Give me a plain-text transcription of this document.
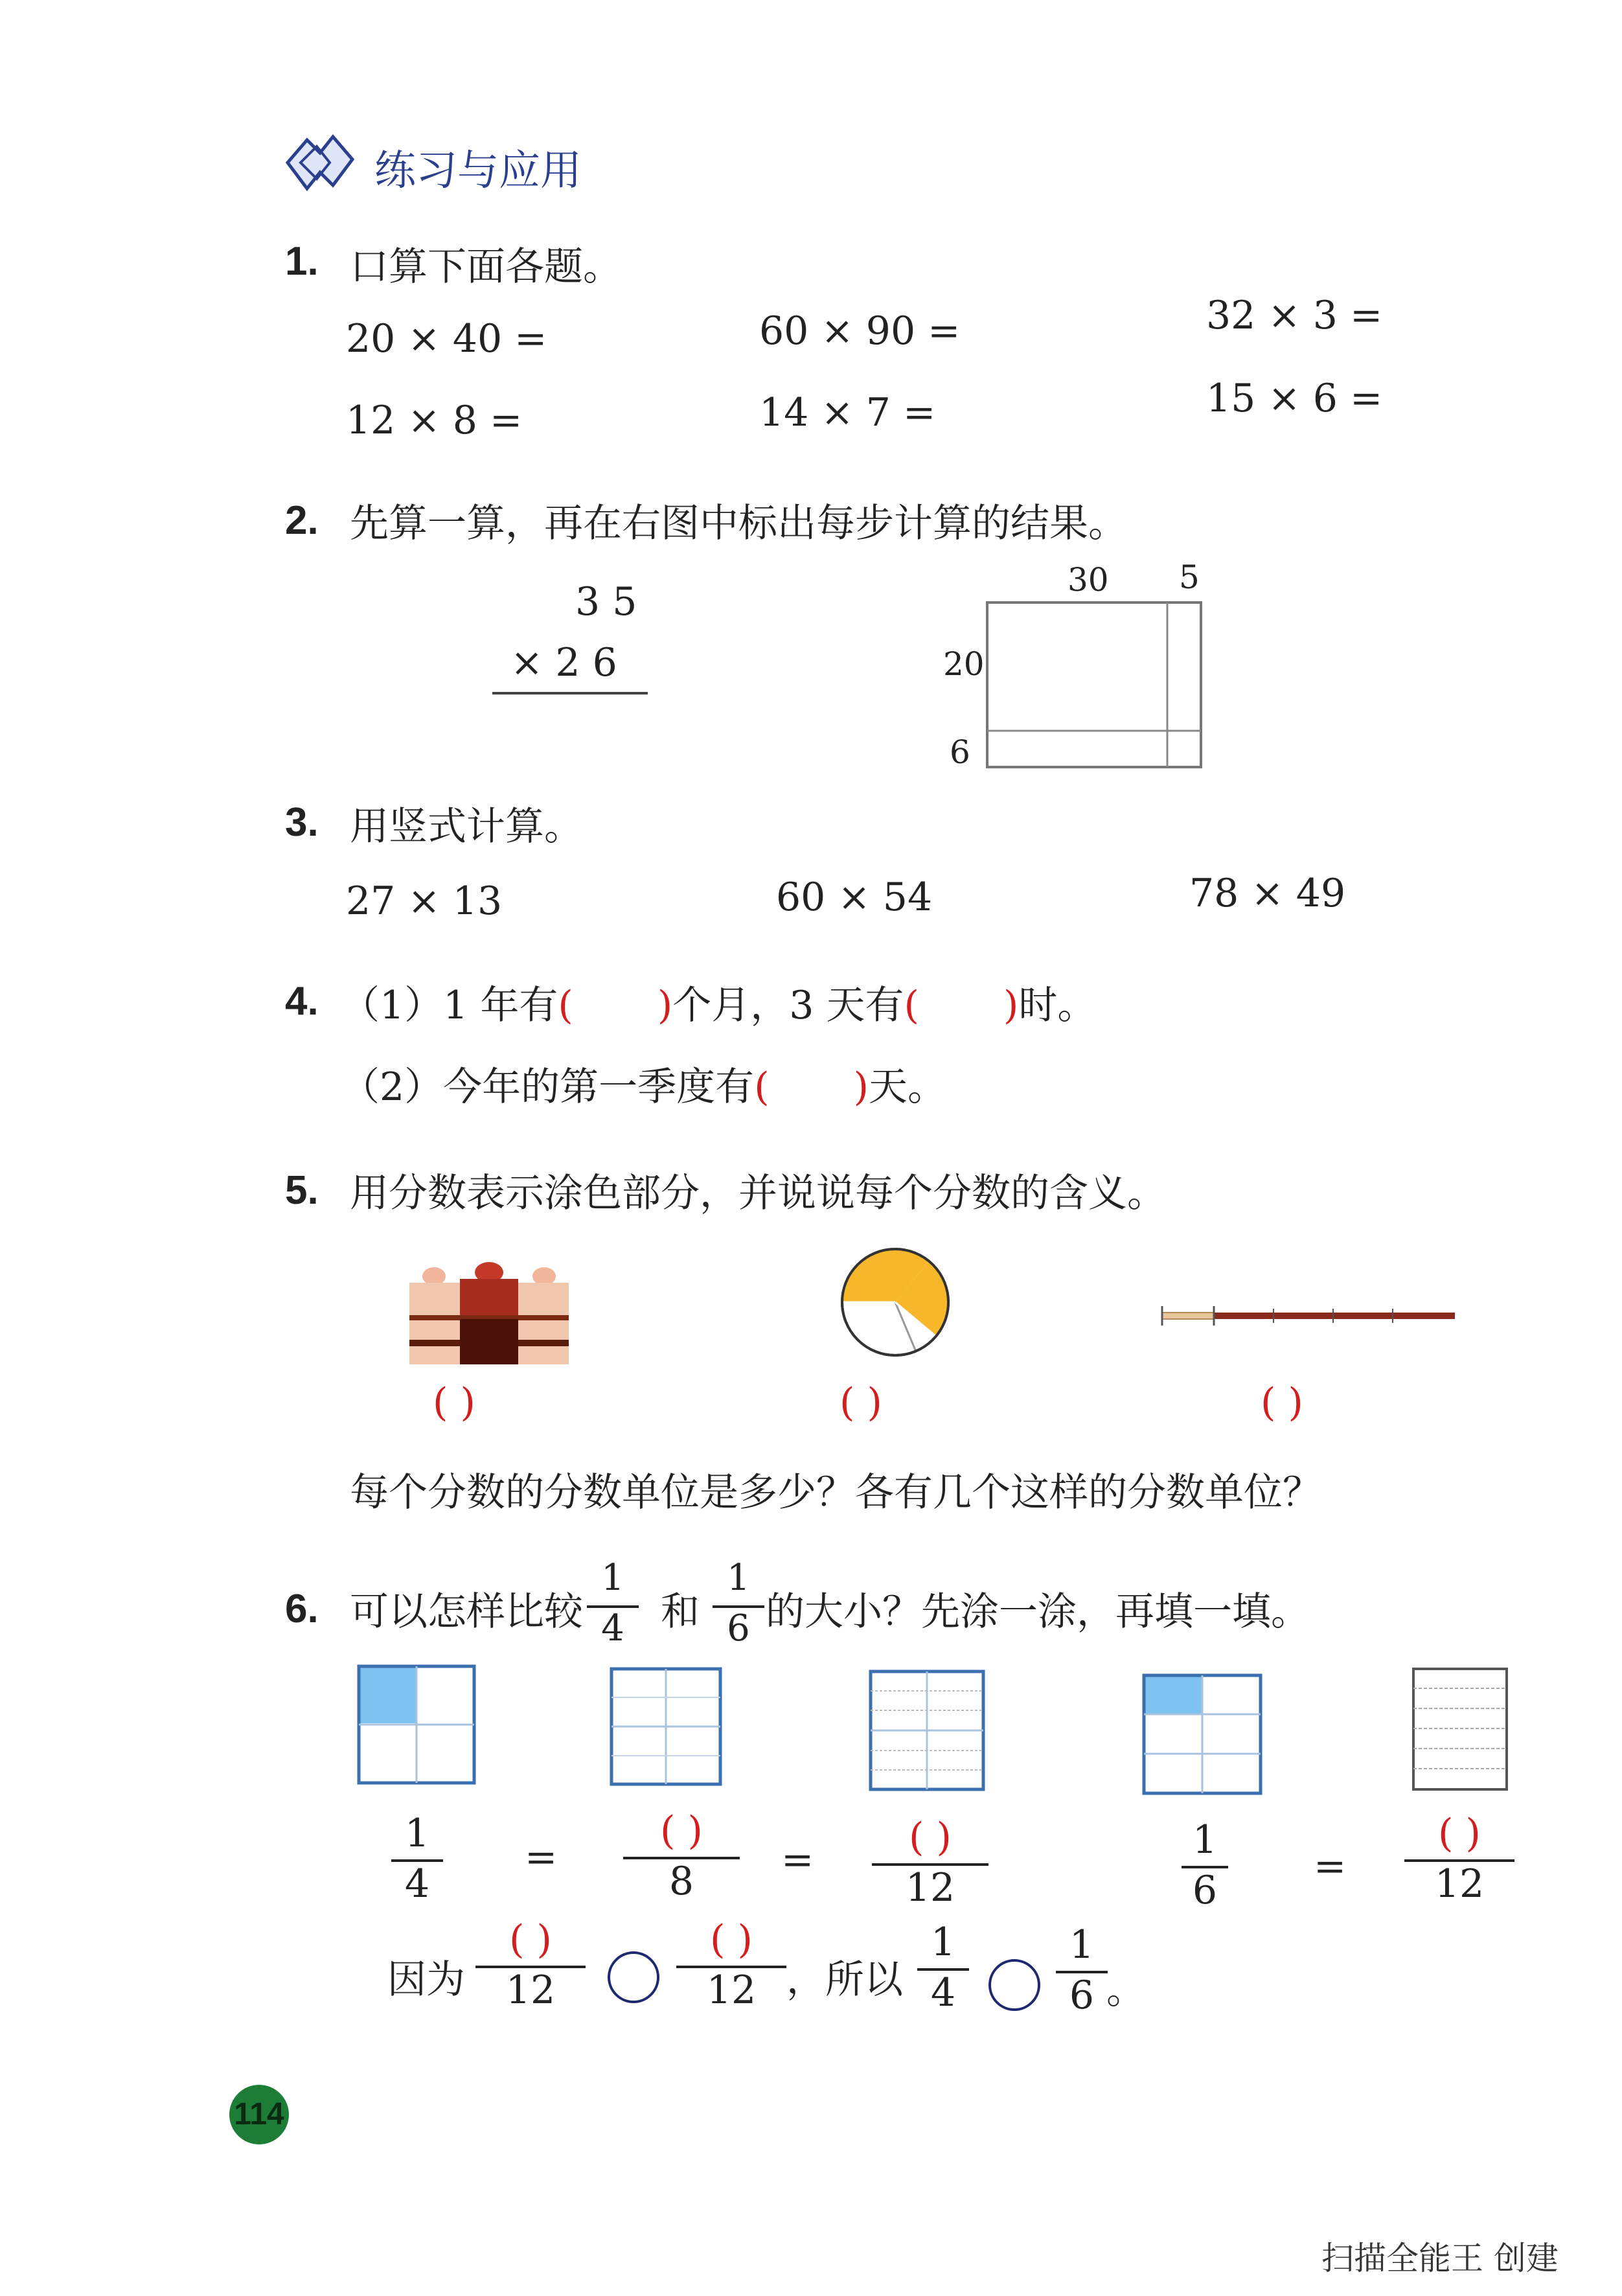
练习与应用
1. 口算下面各题。
20 × 40 =	60 × 90 =	32 × 3 =
12 × 8 =	14 × 7 =	15 × 6 =
2. 先算一算，再在右图中标出每步计算的结果。
3 5
× 2 6
30 5
20
6
3. 用竖式计算。
27 × 13	60 × 54	78 × 49
4. （1）1 年有( )个月，3 天有( )时。
（2）今年的第一季度有( )天。
5. 用分数表示涂色部分，并说说每个分数的含义。
( )	( )	( )
每个分数的分数单位是多少？各有几个这样的分数单位？
6. 可以怎样比较
1
4 和
1
6 的大小？先涂一涂，再填一填。
1
4
=
( )
8	=	( )
12
1
6
=
( )
12
因为
( )
12
( )
12 ，所以
1
4
1
6 。
114
扫描全能王 创建
